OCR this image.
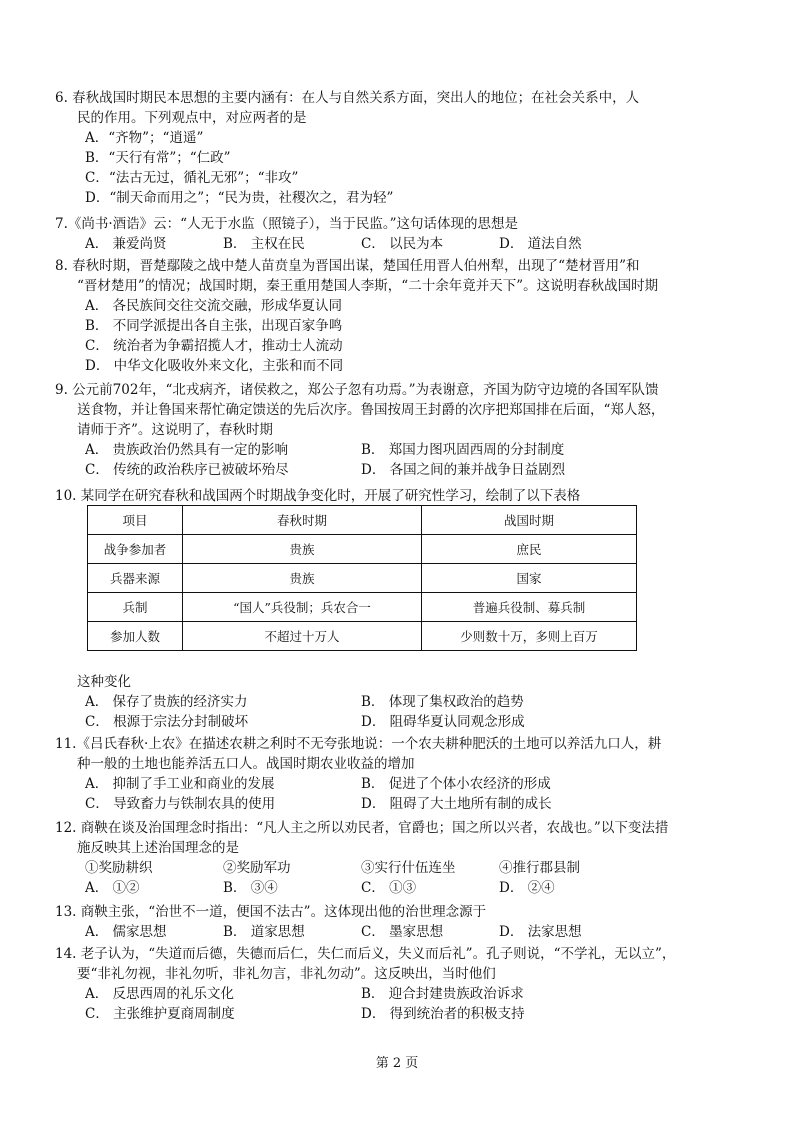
6. 春秋战国时期民本思想的主要内涵有：在人与自然关系方面，突出人的地位；在社会关系中，人
民的作用。下列观点中，对应两者的是
A．“齐物”；“逍遥”
B．“天行有常”；“仁政”
C．“法古无过，循礼无邪”；“非攻”
D．“制天命而用之”；“民为贵，社稷次之，君为轻”
7.《尚书·酒诰》云：“人无于水监（照镜子），当于民监。”这句话体现的思想是
A． 兼爱尚贤	B． 主权在民	C． 以民为本	D． 道法自然
8. 春秋时期，晋楚鄢陵之战中楚人苗贲皇为晋国出谋，楚国任用晋人伯州犁，出现了“楚材晋用”和
“晋材楚用”的情况；战国时期，秦王重用楚国人李斯，“二十余年竟并天下”。这说明春秋战国时期
A． 各民族间交往交流交融，形成华夏认同
B． 不同学派提出各自主张，出现百家争鸣
C． 统治者为争霸招揽人才，推动士人流动
D． 中华文化吸收外来文化，主张和而不同
9. 公元前702年，“北戎病齐，诸侯救之，郑公子忽有功焉。”为表谢意，齐国为防守边境的各国军队馈
送食物，并让鲁国来帮忙确定馈送的先后次序。鲁国按周王封爵的次序把郑国排在后面，“郑人怒，
请师于齐”。这说明了，春秋时期
A． 贵族政治仍然具有一定的影响	B． 郑国力图巩固西周的分封制度
C． 传统的政治秩序已被破坏殆尽	D． 各国之间的兼并战争日益剧烈
10. 某同学在研究春秋和战国两个时期战争变化时，开展了研究性学习，绘制了以下表格
项目	春秋时期	战国时期
战争参加者	贵族	庶民
兵器来源	贵族	国家
兵制	“国人”兵役制；兵农合一	普遍兵役制、募兵制
参加人数	不超过十万人	少则数十万，多则上百万
这种变化
A． 保存了贵族的经济实力	B． 体现了集权政治的趋势
C． 根源于宗法分封制破坏	D． 阻碍华夏认同观念形成
11.《吕氏春秋·上农》在描述农耕之利时不无夸张地说：一个农夫耕种肥沃的土地可以养活九口人，耕
种一般的土地也能养活五口人。战国时期农业收益的增加
A． 抑制了手工业和商业的发展	B． 促进了个体小农经济的形成
C． 导致畜力与铁制农具的使用	D． 阻碍了大土地所有制的成长
12. 商鞅在谈及治国理念时指出：“凡人主之所以劝民者，官爵也；国之所以兴者，农战也。”以下变法措
施反映其上述治国理念的是
①奖励耕织	②奖励军功	③实行什伍连坐	④推行郡县制
A． ①②	B． ③④	C． ①③	D． ②④
13. 商鞅主张，“治世不一道，便国不法古”。这体现出他的治世理念源于
A． 儒家思想	B． 道家思想	C． 墨家思想	D． 法家思想
14. 老子认为，“失道而后德，失德而后仁，失仁而后义，失义而后礼”。孔子则说，“不学礼，无以立”，
要“非礼勿视，非礼勿听，非礼勿言，非礼勿动”。这反映出，当时他们
A． 反思西周的礼乐文化	B． 迎合封建贵族政治诉求
C． 主张维护夏商周制度	D． 得到统治者的积极支持
第 2 页
